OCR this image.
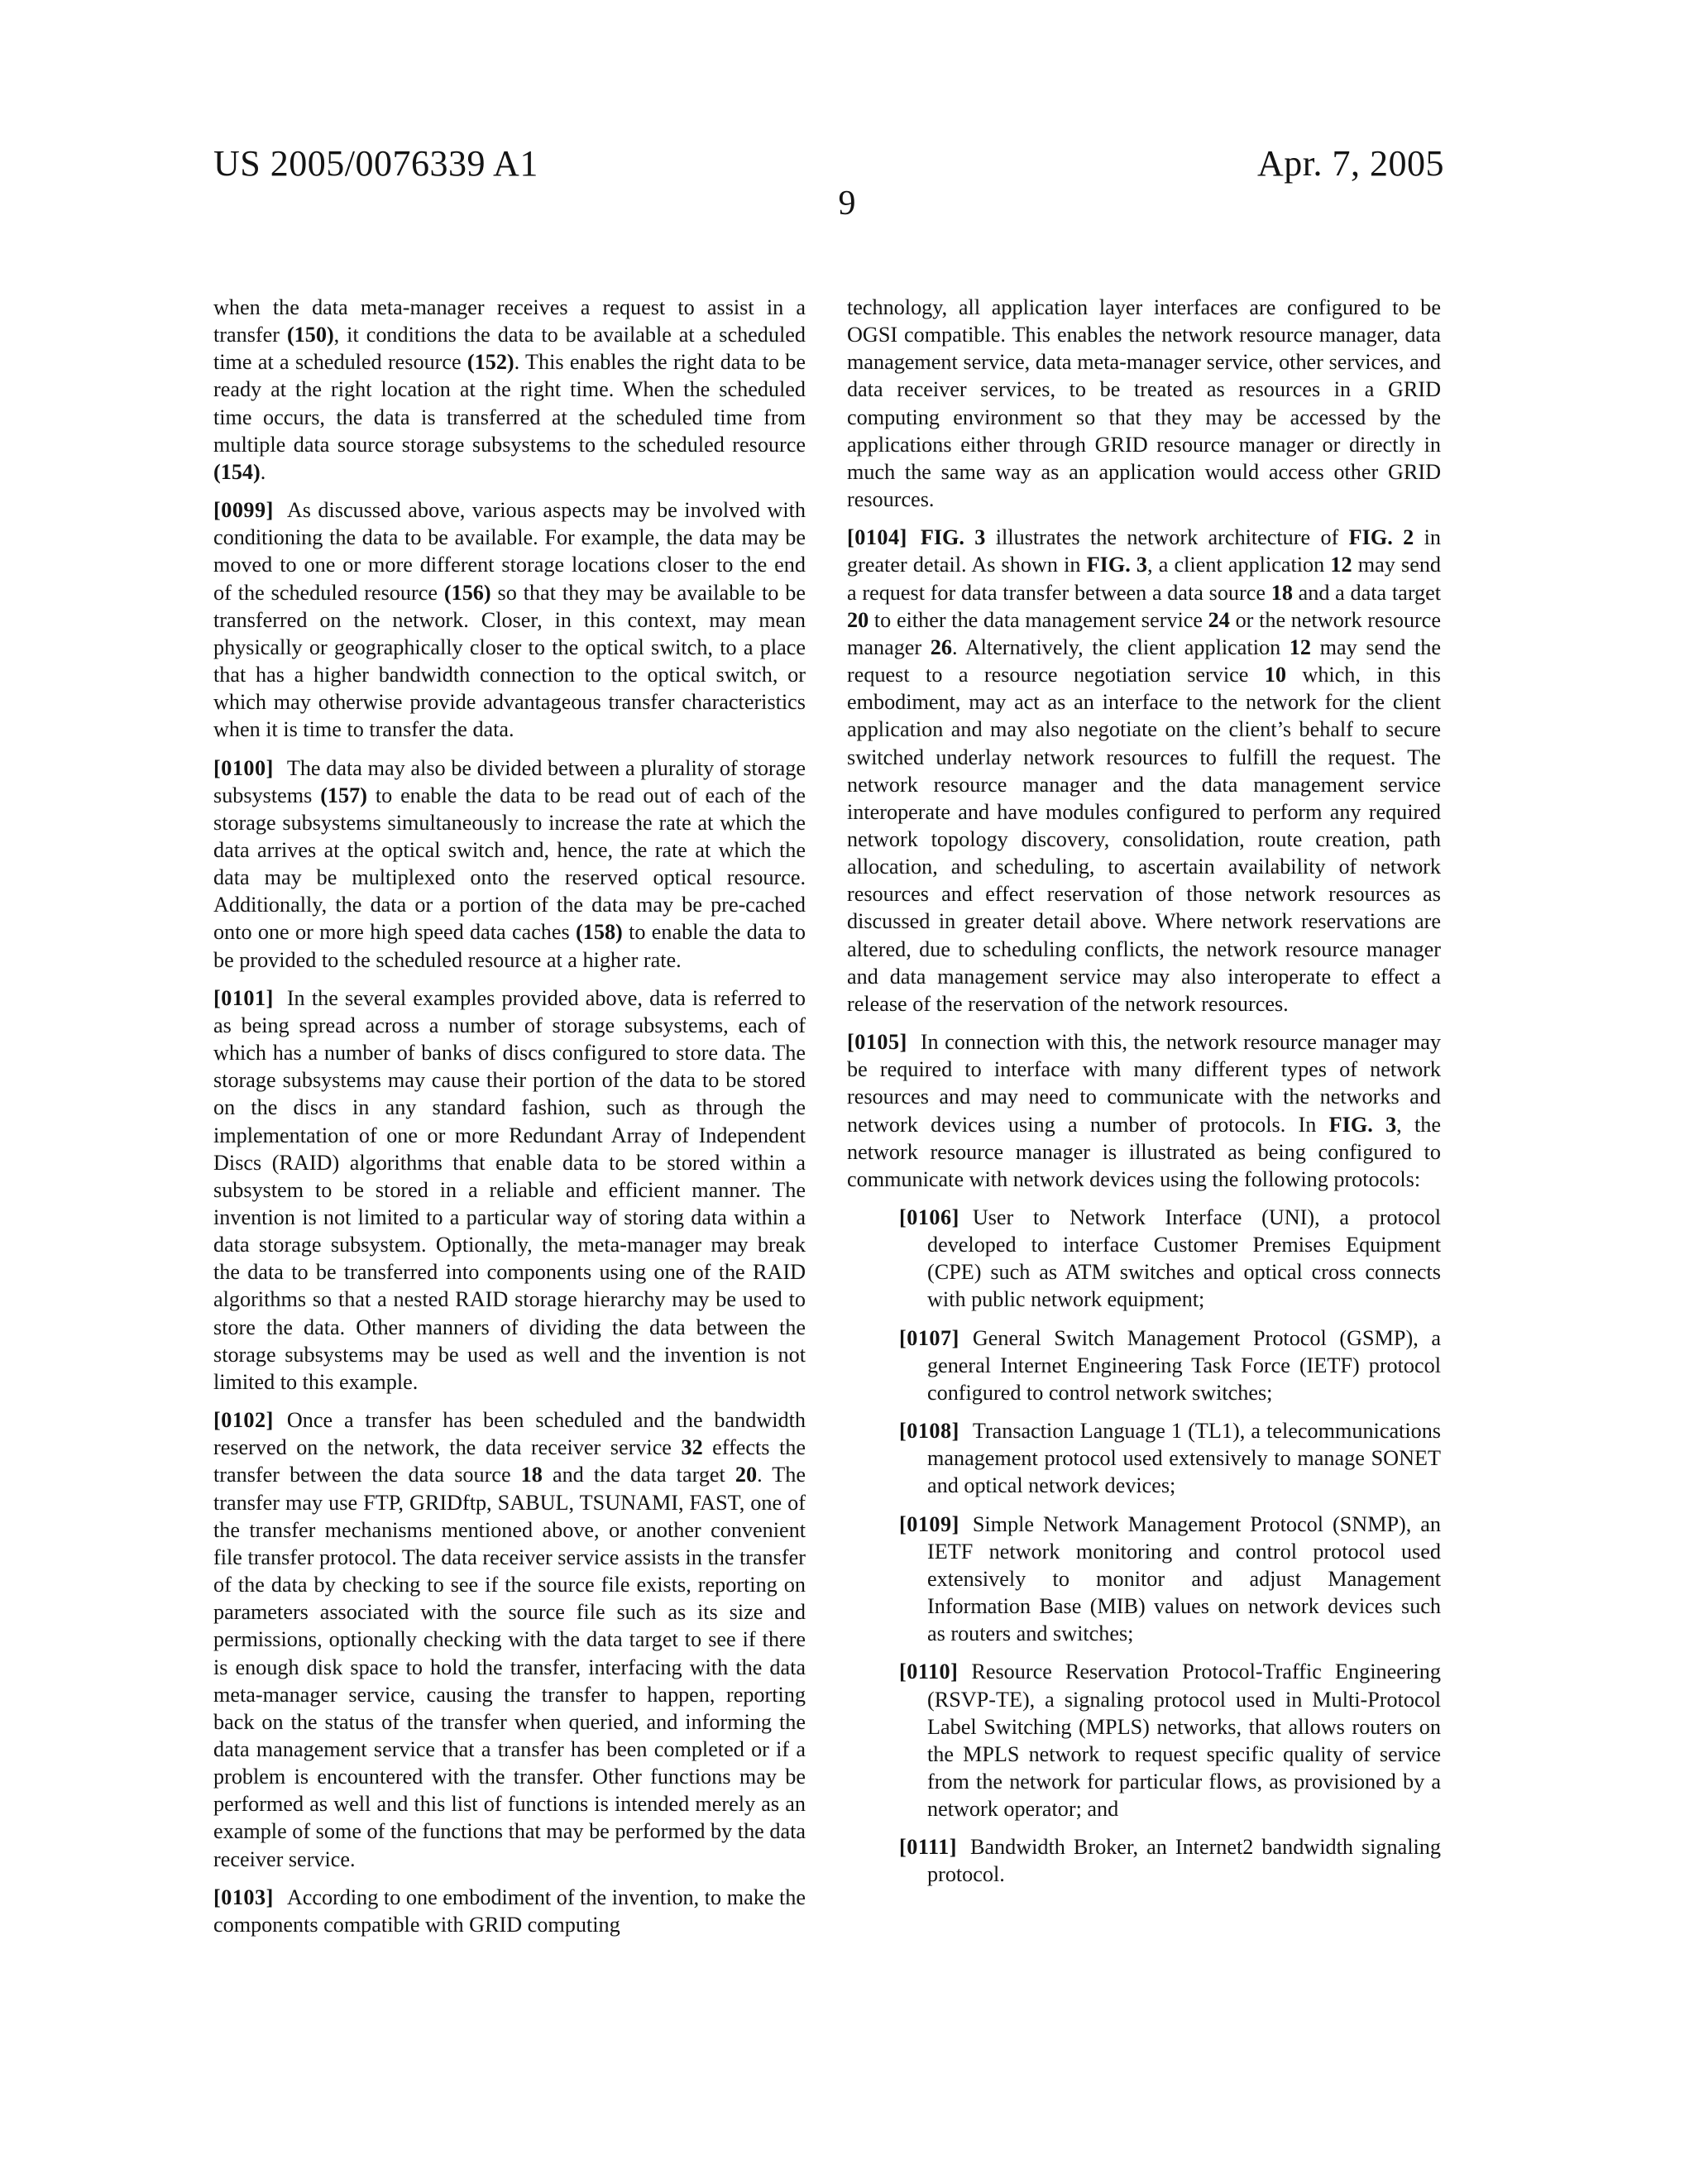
US 2005/0076339 A1	Apr. 7, 2005
9

when the data meta-manager receives a request to assist in a transfer (150), it conditions the data to be available at a scheduled time at a scheduled resource (152). This enables the right data to be ready at the right location at the right time. When the scheduled time occurs, the data is transferred at the scheduled time from multiple data source storage subsystems to the scheduled resource (154).

[0099] As discussed above, various aspects may be involved with conditioning the data to be available. For example, the data may be moved to one or more different storage locations closer to the end of the scheduled resource (156) so that they may be available to be transferred on the network. Closer, in this context, may mean physically or geographically closer to the optical switch, to a place that has a higher bandwidth connection to the optical switch, or which may otherwise provide advantageous transfer characteristics when it is time to transfer the data.

[0100] The data may also be divided between a plurality of storage subsystems (157) to enable the data to be read out of each of the storage subsystems simultaneously to increase the rate at which the data arrives at the optical switch and, hence, the rate at which the data may be multiplexed onto the reserved optical resource. Additionally, the data or a portion of the data may be pre-cached onto one or more high speed data caches (158) to enable the data to be provided to the scheduled resource at a higher rate.

[0101] In the several examples provided above, data is referred to as being spread across a number of storage subsystems, each of which has a number of banks of discs configured to store data. The storage subsystems may cause their portion of the data to be stored on the discs in any standard fashion, such as through the implementation of one or more Redundant Array of Independent Discs (RAID) algorithms that enable data to be stored within a subsystem to be stored in a reliable and efficient manner. The invention is not limited to a particular way of storing data within a data storage subsystem. Optionally, the meta-manager may break the data to be transferred into components using one of the RAID algorithms so that a nested RAID storage hierarchy may be used to store the data. Other manners of dividing the data between the storage subsystems may be used as well and the invention is not limited to this example.

[0102] Once a transfer has been scheduled and the bandwidth reserved on the network, the data receiver service 32 effects the transfer between the data source 18 and the data target 20. The transfer may use FTP, GRIDftp, SABUL, TSUNAMI, FAST, one of the transfer mechanisms mentioned above, or another convenient file transfer protocol. The data receiver service assists in the transfer of the data by checking to see if the source file exists, reporting on parameters associated with the source file such as its size and permissions, optionally checking with the data target to see if there is enough disk space to hold the transfer, interfacing with the data meta-manager service, causing the transfer to happen, reporting back on the status of the transfer when queried, and informing the data management service that a transfer has been completed or if a problem is encountered with the transfer. Other functions may be performed as well and this list of functions is intended merely as an example of some of the functions that may be performed by the data receiver service.

[0103] According to one embodiment of the invention, to make the components compatible with GRID computing

technology, all application layer interfaces are configured to be OGSI compatible. This enables the network resource manager, data management service, data meta-manager service, other services, and data receiver services, to be treated as resources in a GRID computing environment so that they may be accessed by the applications either through GRID resource manager or directly in much the same way as an application would access other GRID resources.

[0104] FIG. 3 illustrates the network architecture of FIG. 2 in greater detail. As shown in FIG. 3, a client application 12 may send a request for data transfer between a data source 18 and a data target 20 to either the data management service 24 or the network resource manager 26. Alternatively, the client application 12 may send the request to a resource negotiation service 10 which, in this embodiment, may act as an interface to the network for the client application and may also negotiate on the client’s behalf to secure switched underlay network resources to fulfill the request. The network resource manager and the data management service interoperate and have modules configured to perform any required network topology discovery, consolidation, route creation, path allocation, and scheduling, to ascertain availability of network resources and effect reservation of those network resources as discussed in greater detail above. Where network reservations are altered, due to scheduling conflicts, the network resource manager and data management service may also interoperate to effect a release of the reservation of the network resources.

[0105] In connection with this, the network resource manager may be required to interface with many different types of network resources and may need to communicate with the networks and network devices using a number of protocols. In FIG. 3, the network resource manager is illustrated as being configured to communicate with network devices using the following protocols:

[0106] User to Network Interface (UNI), a protocol developed to interface Customer Premises Equipment (CPE) such as ATM switches and optical cross connects with public network equipment;

[0107] General Switch Management Protocol (GSMP), a general Internet Engineering Task Force (IETF) protocol configured to control network switches;

[0108] Transaction Language 1 (TL1), a telecommunications management protocol used extensively to manage SONET and optical network devices;

[0109] Simple Network Management Protocol (SNMP), an IETF network monitoring and control protocol used extensively to monitor and adjust Management Information Base (MIB) values on network devices such as routers and switches;

[0110] Resource Reservation Protocol-Traffic Engineering (RSVP-TE), a signaling protocol used in Multi-Protocol Label Switching (MPLS) networks, that allows routers on the MPLS network to request specific quality of service from the network for particular flows, as provisioned by a network operator; and

[0111] Bandwidth Broker, an Internet2 bandwidth signaling protocol.
